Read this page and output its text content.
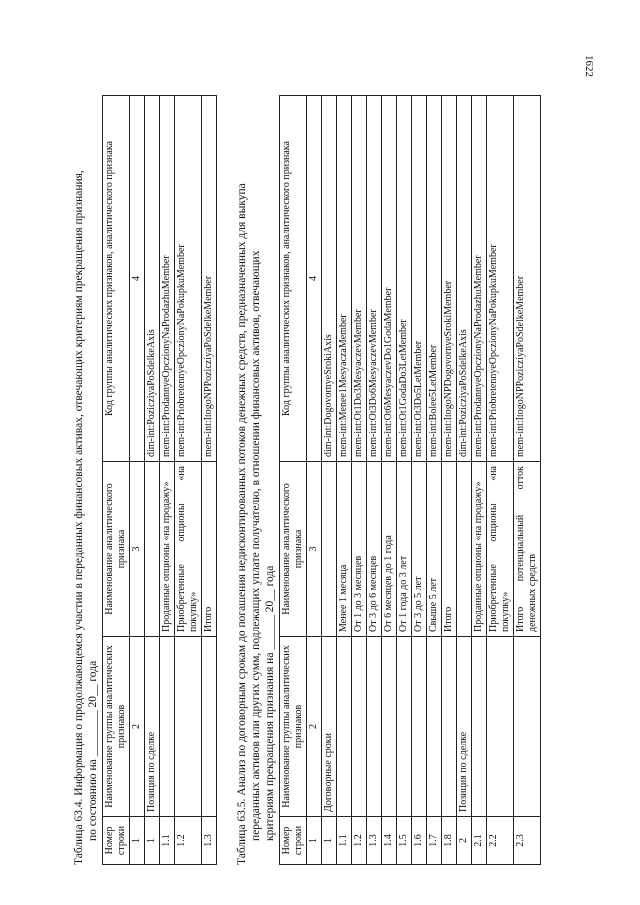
1622
Таблица 63.4. Информация о продолжающемся участии в переданных финансовых активах, отвечающих критериям прекращения признания, по состоянию на ________ 20__ года Номер строки	Наименование группы аналитических признаков	Наименование аналитического признака	Код группы аналитических признаков, аналитического признака
1	2	3	4
1	Позиция по сделке		dim-int:PozicziyaPoSdelkeAxis
1.1		Проданные опционы «на продажу»	mem-int:ProdannyeOpczionyNaProdazhuMember
1.2		Приобретенные опционы «на покупку»	mem-int:PriobretennyeOpczionyNaPokupkuMember
1.3		Итого	mem-int:ItogoNPPozicziyaPoSdelkeMember Таблица 63.5. Анализ по договорным срокам до погашения недисконтированных потоков денежных средств, предназначенных для выкупа переданных активов или других сумм, подлежащих уплате получателю, в отношении финансовых активов, отвечающих критериям прекращения признания на ______ 20__ года Номер строки	Наименование группы аналитических признаков	Наименование аналитического признака	Код группы аналитических признаков, аналитического признака
1	2	3	4
1	Договорные сроки		dim-int:DogovornyeSrokiAxis
1.1		Менее 1 месяца	mem-int:Menee1MesyaczaMember
1.2		От 1 до 3 месяцев	mem-int:Ot1Do3MesyaczevMember
1.3		От 3 до 6 месяцев	mem-int:Ot3Do6MesyaczevMember
1.4		От 6 месяцев до 1 года	mem-int:Ot6MesyaczevDo1GodaMember
1.5		От 1 года до 3 лет	mem-int:Ot1GodaDo3LetMember
1.6		От 3 до 5 лет	mem-int:Ot3Do5LetMember
1.7		Свыше 5 лет	mem-int:Bolee5LetMember
1.8		Итого	mem-int:ItogoNPDogovornyeSrokiMember
2	Позиция по сделке		dim-int:PozicziyaPoSdelkeAxis
2.1		Проданные опционы «на продажу»	mem-int:ProdannyeOpczionyNaProdazhuMember
2.2		Приобретенные опционы «на покупку»	mem-int:PriobretennyeOpczionyNaPokupkuMember
2.3		Итого потенциальный отток денежных средств	mem-int:ItogoNPPozicziyaPoSdelkeMember
